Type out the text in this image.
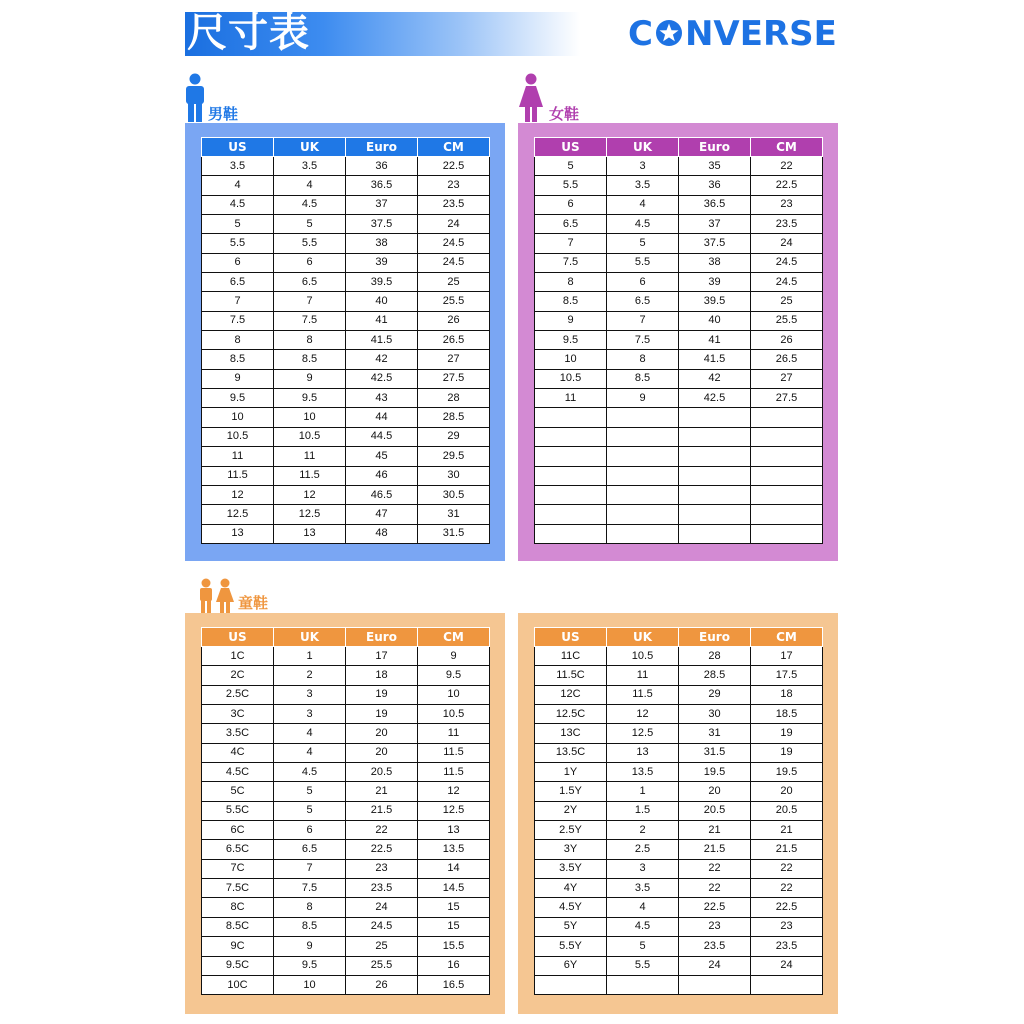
尺寸表	C NVERSE
男鞋
US	UK	Euro	CM
3.5	3.5	36	22.5
4	4	36.5	23
4.5	4.5	37	23.5
5	5	37.5	24
5.5	5.5	38	24.5
6	6	39	24.5
6.5	6.5	39.5	25
7	7	40	25.5
7.5	7.5	41	26
8	8	41.5	26.5
8.5	8.5	42	27
9	9	42.5	27.5
9.5	9.5	43	28
10	10	44	28.5
10.5	10.5	44.5	29
11	11	45	29.5
11.5	11.5	46	30
12	12	46.5	30.5
12.5	12.5	47	31
13	13	48	31.5
女鞋
US	UK	Euro	CM
5	3	35	22
5.5	3.5	36	22.5
6	4	36.5	23
6.5	4.5	37	23.5
7	5	37.5	24
7.5	5.5	38	24.5
8	6	39	24.5
8.5	6.5	39.5	25
9	7	40	25.5
9.5	7.5	41	26
10	8	41.5	26.5
10.5	8.5	42	27
11	9	42.5	27.5

童鞋
US	UK	Euro	CM
1C	1	17	9
2C	2	18	9.5
2.5C	3	19	10
3C	3	19	10.5
3.5C	4	20	11
4C	4	20	11.5
4.5C	4.5	20.5	11.5
5C	5	21	12
5.5C	5	21.5	12.5
6C	6	22	13
6.5C	6.5	22.5	13.5
7C	7	23	14
7.5C	7.5	23.5	14.5
8C	8	24	15
8.5C	8.5	24.5	15
9C	9	25	15.5
9.5C	9.5	25.5	16
10C	10	26	16.5
US	UK	Euro	CM
11C	10.5	28	17
11.5C	11	28.5	17.5
12C	11.5	29	18
12.5C	12	30	18.5
13C	12.5	31	19
13.5C	13	31.5	19
1Y	13.5	19.5	19.5
1.5Y	1	20	20
2Y	1.5	20.5	20.5
2.5Y	2	21	21
3Y	2.5	21.5	21.5
3.5Y	3	22	22
4Y	3.5	22	22
4.5Y	4	22.5	22.5
5Y	4.5	23	23
5.5Y	5	23.5	23.5
6Y	5.5	24	24
